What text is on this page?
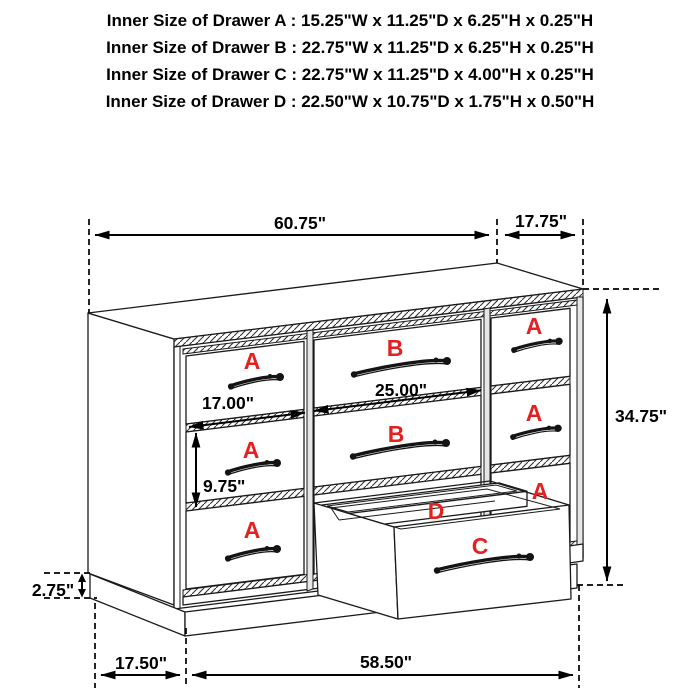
Inner Size of Drawer A : 15.25"W x 11.25"D x 6.25"H x 0.25"H
Inner Size of Drawer B : 22.75"W x 11.25"D x 6.25"H x 0.25"H
Inner Size of Drawer C : 22.75"W x 11.25"D x 4.00"H x 0.25"H
Inner Size of Drawer D : 22.50"W x 10.75"D x 1.75"H x 0.50"H
A
A
A
B
B
A
A
A
D
C
60.75"	17.75"
34.75"
17.00"
25.00"
9.75"
2.75"
17.50"	58.50"
